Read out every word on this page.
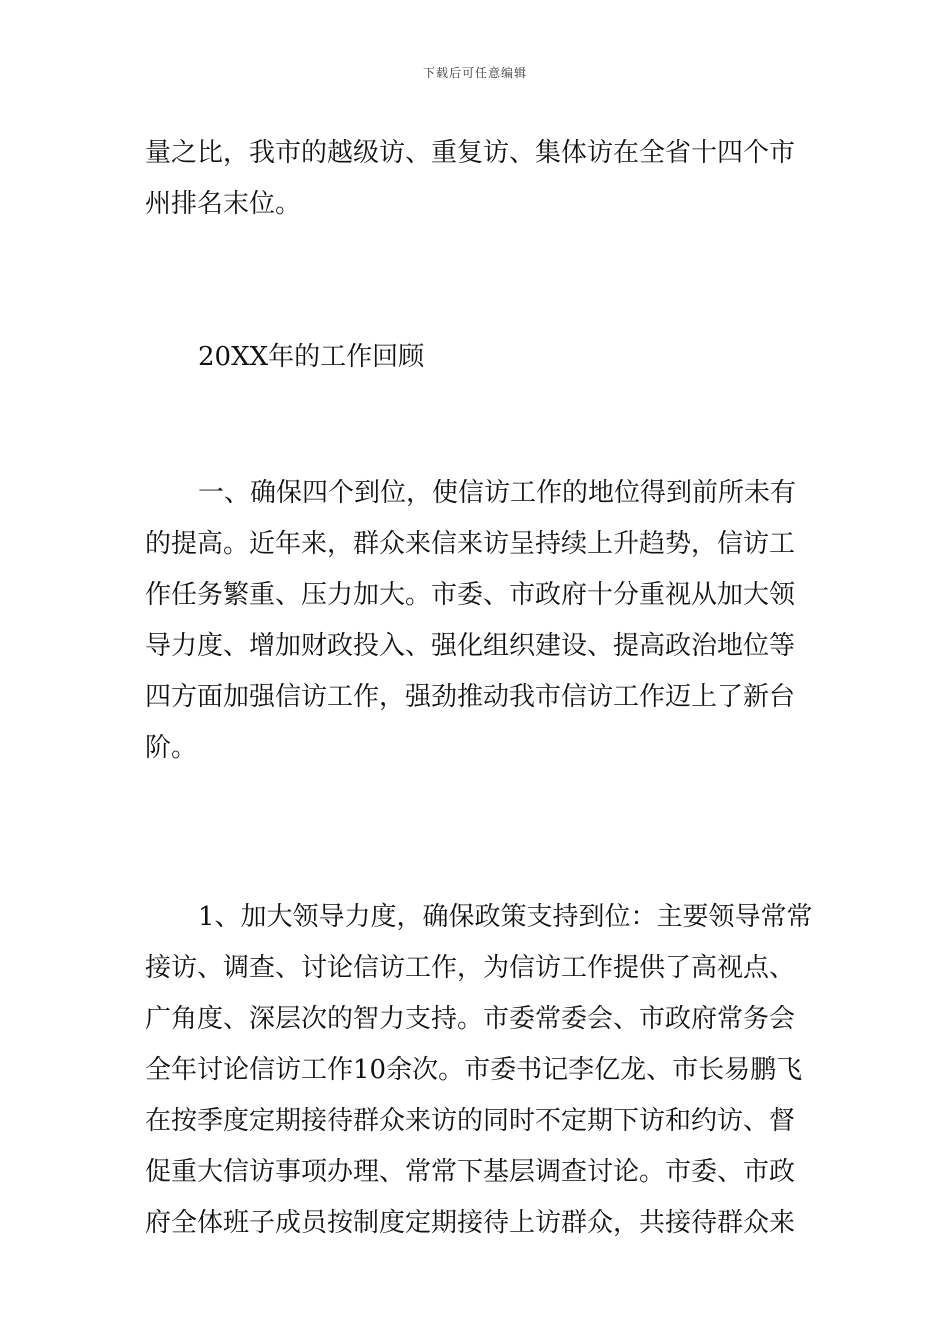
下载后可任意编辑
量之比，我市的越级访、重复访、集体访在全省十四个市
州排名末位。
20XX年的工作回顾
一、确保四个到位，使信访工作的地位得到前所未有
的提高。近年来，群众来信来访呈持续上升趋势，信访工
作任务繁重、压力加大。市委、市政府十分重视从加大领
导力度、增加财政投入、强化组织建设、提高政治地位等
四方面加强信访工作，强劲推动我市信访工作迈上了新台
阶。
1、加大领导力度，确保政策支持到位：主要领导常常
接访、调查、讨论信访工作，为信访工作提供了高视点、
广角度、深层次的智力支持。市委常委会、市政府常务会
全年讨论信访工作10余次。市委书记李亿龙、市长易鹏飞
在按季度定期接待群众来访的同时不定期下访和约访、督
促重大信访事项办理、常常下基层调查讨论。市委、市政
府全体班子成员按制度定期接待上访群众，共接待群众来
